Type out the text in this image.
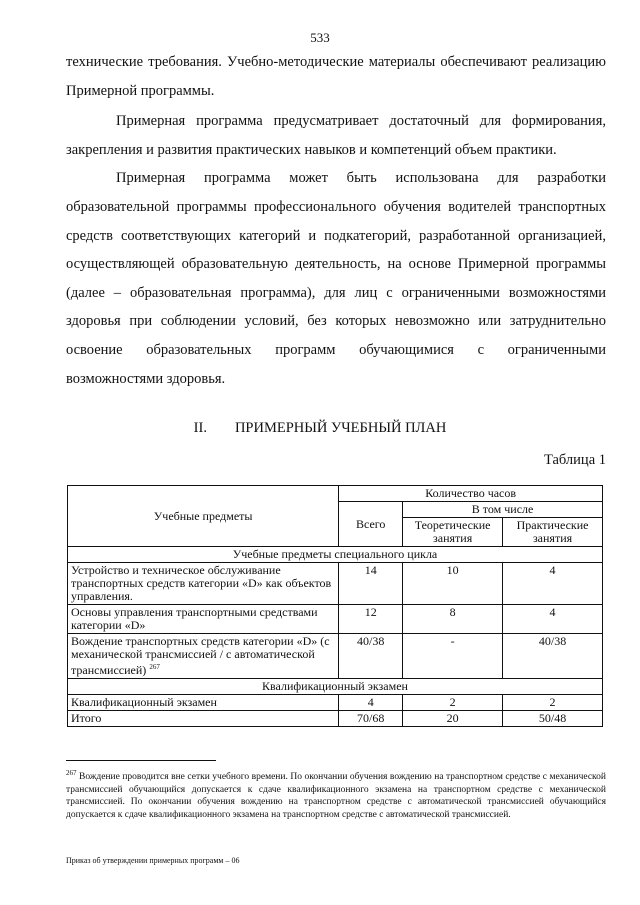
533

технические требования. Учебно-методические материалы обеспечивают реализацию Примерной программы.

Примерная программа предусматривает достаточный для формирования, закрепления и развития практических навыков и компетенций объем практики.

Примерная программа может быть использована для разработки образовательной программы профессионального обучения водителей транспортных средств соответствующих категорий и подкатегорий, разработанной организацией, осуществляющей образовательную деятельность, на основе Примерной программы (далее – образовательная программа), для лиц с ограниченными возможностями здоровья при соблюдении условий, без которых невозможно или затруднительно освоение образовательных программ обучающимися с ограниченными возможностями здоровья.

II. ПРИМЕРНЫЙ УЧЕБНЫЙ ПЛАН
Таблица 1
Учебные предметы	Количество часов		
	Всего	В том числе	
		Теоретические занятия	Практические занятия
Учебные предметы специального цикла			
Устройство и техническое обслуживание транспортных средств категории «D» как объектов управления.	14	10	4
Основы управления транспортными средствами категории «D»	12	8	4
Вождение транспортных средств категории «D» (с механической трансмиссией / с автоматической трансмиссией) $^{267}$	40/38	-	40/38
Квалификационный экзамен			
Квалификационный экзамен	4	2	2
Итого	70/68	20	50/48
$^{267}$ Вождение проводится вне сетки учебного времени. По окончании обучения вождению на транспортном средстве с механической трансмиссией обучающийся допускается к сдаче квалификационного экзамена на транспортном средстве с механической трансмиссией. По окончании обучения вождению на транспортном средстве с автоматической трансмиссией обучающийся допускается к сдаче квалификационного экзамена на транспортном средстве с автоматической трансмиссией.
Приказ об утверждении примерных программ – 06
